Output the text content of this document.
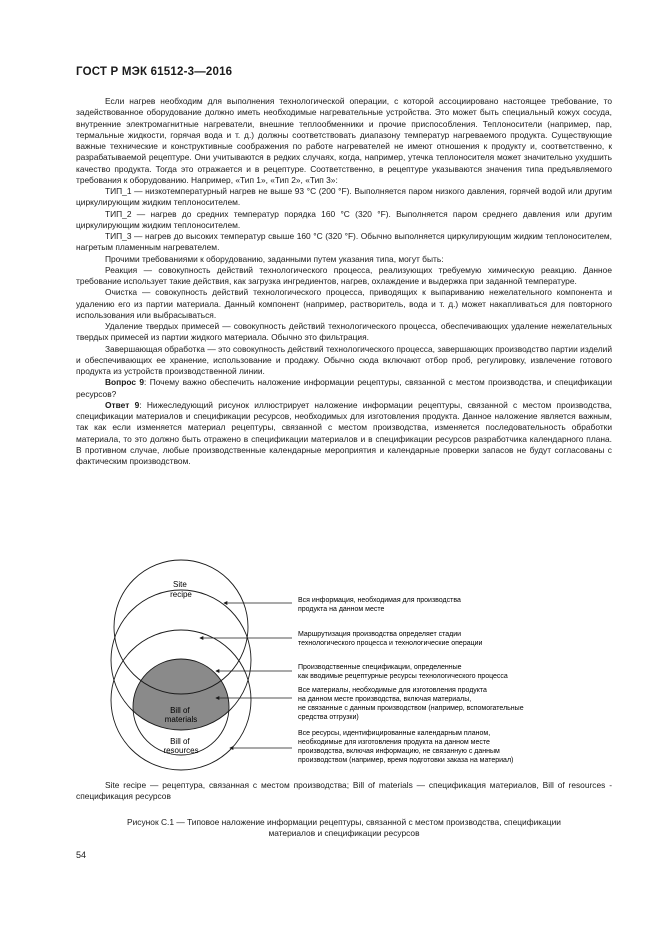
ГОСТ Р МЭК 61512-3—2016

Если нагрев необходим для выполнения технологической операции, с которой ассоциировано настоящее требование, то задействованное оборудование должно иметь необходимые нагревательные устройства. Это может быть специальный кожух сосуда, внутренние электромагнитные нагреватели, внешние теплообменники и прочие приспособления. Теплоносители (например, пар, термальные жидкости, горячая вода и т. д.) должны соответствовать диапазону температур нагреваемого продукта. Существующие важные технические и конструктивные соображения по работе нагревателей не имеют отношения к продукту и, соответственно, к разрабатываемой рецептуре. Они учитываются в редких случаях, когда, например, утечка теплоносителя может значительно ухудшить качество продукта. Тогда это отражается и в рецептуре. Соответственно, в рецептуре указываются значения типа предъявляемого требования к оборудованию. Например, «Тип 1», «Тип 2», «Тип 3»:

ТИП_1 — низкотемпературный нагрев не выше 93 °С (200 °F). Выполняется паром низкого давления, горячей водой или другим циркулирующим жидким теплоносителем.

ТИП_2 — нагрев до средних температур порядка 160 °С (320 °F). Выполняется паром среднего давления или другим циркулирующим жидким теплоносителем.

ТИП_3 — нагрев до высоких температур свыше 160 °С (320 °F). Обычно выполняется циркулирующим жидким теплоносителем, нагретым пламенным нагревателем.

Прочими требованиями к оборудованию, заданными путем указания типа, могут быть:

Реакция — совокупность действий технологического процесса, реализующих требуемую химическую реакцию. Данное требование использует такие действия, как загрузка ингредиентов, нагрев, охлаждение и выдержка при заданной температуре.

Очистка — совокупность действий технологического процесса, приводящих к выпариванию нежелательного компонента и удалению его из партии материала. Данный компонент (например, растворитель, вода и т. д.) может накапливаться для повторного использования или выбрасываться.

Удаление твердых примесей — совокупность действий технологического процесса, обеспечивающих удаление нежелательных твердых примесей из партии жидкого материала. Обычно это фильтрация.

Завершающая обработка — это совокупность действий технологического процесса, завершающих производство партии изделий и обеспечивающих ее хранение, использование и продажу. Обычно сюда включают отбор проб, регулировку, извлечение готового продукта из устройств производственной линии.

Вопрос 9: Почему важно обеспечить наложение информации рецептуры, связанной с местом производства, и спецификации ресурсов?

Ответ 9: Нижеследующий рисунок иллюстрирует наложение информации рецептуры, связанной с местом производства, спецификации материалов и спецификации ресурсов, необходимых для изготовления продукта. Данное наложение является важным, так как если изменяется материал рецептуры, связанной с местом производства, изменяется последовательность обработки материала, то это должно быть отражено в спецификации материалов и в спецификации ресурсов разработчика календарного плана. В противном случае, любые производственные календарные мероприятия и календарные проверки запасов не будут согласованы с фактическим производством.

Site recipe
Bill of materials
Bill of resources
Вся информация, необходимая для производства продукта на данном месте
Маршрутизация производства определяет стадии технологического процесса и технологические операции
Производственные спецификации, определенные как вводимые рецептурные ресурсы технологического процесса
Все материалы, необходимые для изготовления продукта на данном месте производства, включая материалы, не связанные с данным производством (например, вспомогательные средства отгрузки)
Все ресурсы, идентифицированные календарным планом, необходимые для изготовления продукта на данном месте производства, включая информацию, не связанную с данным производством (например, время подготовки заказа на материал)

Site recipe — рецептура, связанная с местом производства; Bill of materials — спецификация материалов, Bill of resources - спецификация ресурсов

Рисунок С.1 — Типовое наложение информации рецептуры, связанной с местом производства, спецификации

материалов и спецификации ресурсов

54
